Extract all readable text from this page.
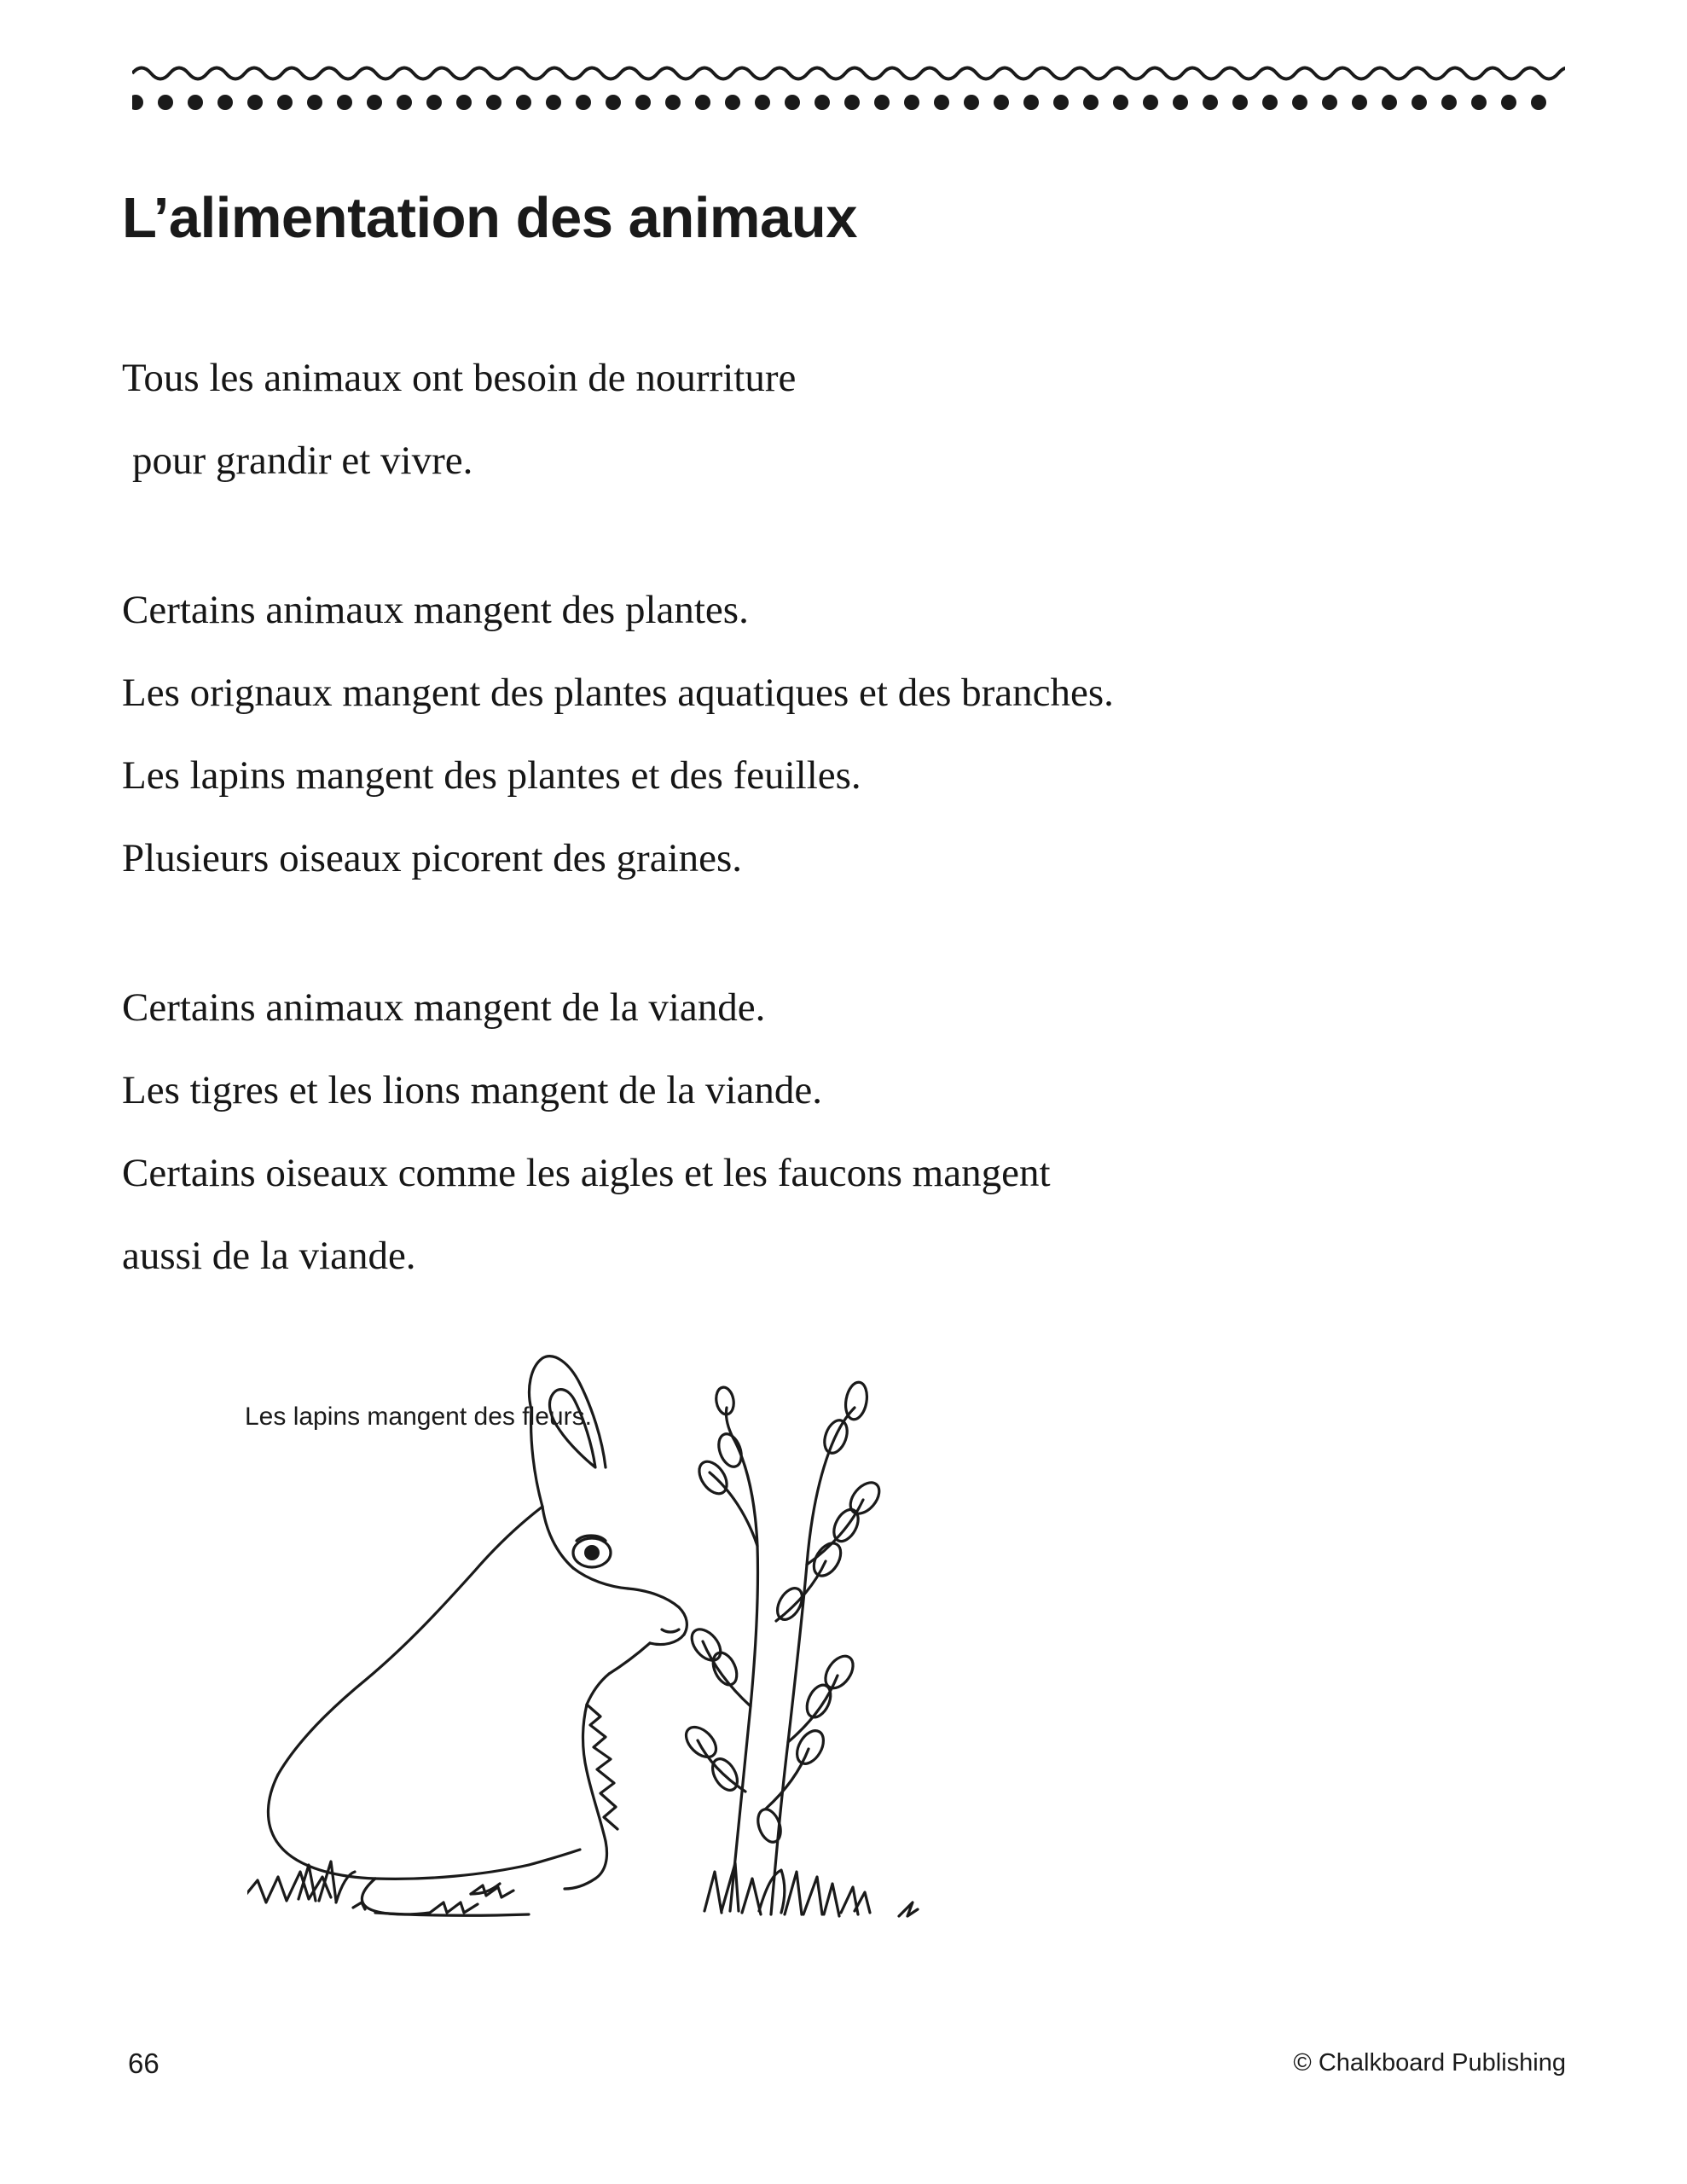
L’alimentation des animaux
Tous les animaux ont besoin de nourriture
pour grandir et vivre.
Certains animaux mangent des plantes.
Les orignaux mangent des plantes aquatiques et des branches.
Les lapins mangent des plantes et des feuilles.
Plusieurs oiseaux picorent des graines.
Certains animaux mangent de la viande.
Les tigres et les lions mangent de la viande.
Certains oiseaux comme les aigles et les faucons mangent
aussi de la viande.
Les lapins mangent des fleurs.
66	© Chalkboard Publishing
